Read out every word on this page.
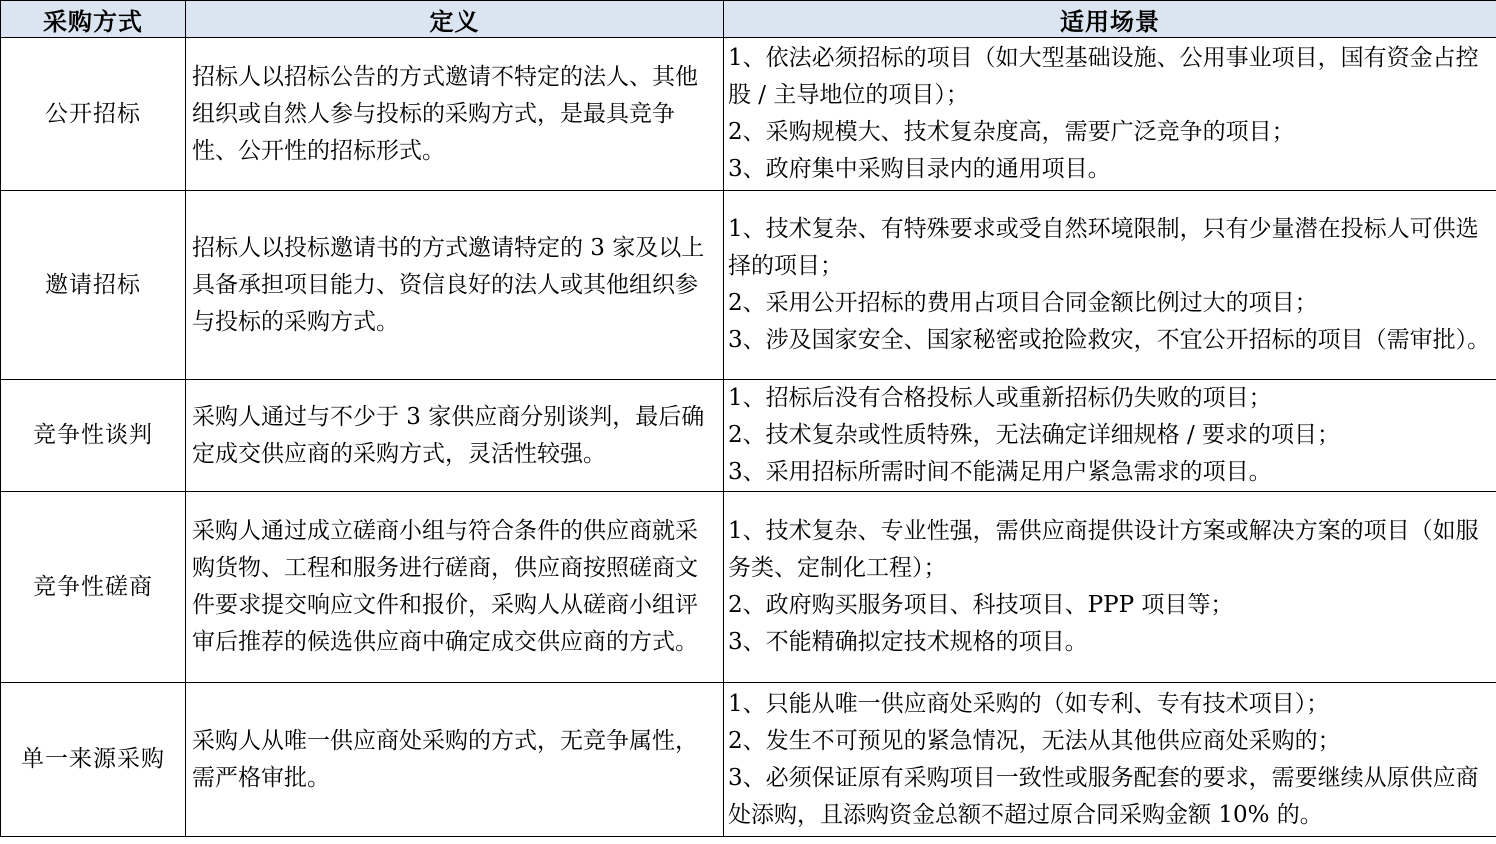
采购方式	定义	适用场景
公开招标	招标人以招标公告的方式邀请不特定的法人、其他组织或自然人参与投标的采购方式，是最具竞争性、公开性的招标形式。	1、依法必须招标的项目（如大型基础设施、公用事业项目，国有资金占控股 / 主导地位的项目）；
2、采购规模大、技术复杂度高，需要广泛竞争的项目；
3、政府集中采购目录内的通用项目。

邀请招标	招标人以投标邀请书的方式邀请特定的 3 家及以上具备承担项目能力、资信良好的法人或其他组织参与投标的采购方式。	1、技术复杂、有特殊要求或受自然环境限制，只有少量潜在投标人可供选择的项目；
2、采用公开招标的费用占项目合同金额比例过大的项目；
3、涉及国家安全、国家秘密或抢险救灾，不宜公开招标的项目（需审批）。

竞争性谈判	采购人通过与不少于 3 家供应商分别谈判，最后确定成交供应商的采购方式，灵活性较强。	1、招标后没有合格投标人或重新招标仍失败的项目；
2、技术复杂或性质特殊，无法确定详细规格 / 要求的项目；
3、采用招标所需时间不能满足用户紧急需求的项目。

竞争性磋商	采购人通过成立磋商小组与符合条件的供应商就采购货物、工程和服务进行磋商，供应商按照磋商文件要求提交响应文件和报价，采购人从磋商小组评审后推荐的候选供应商中确定成交供应商的方式。	1、技术复杂、专业性强，需供应商提供设计方案或解决方案的项目（如服务类、定制化工程）；
2、政府购买服务项目、科技项目、PPP 项目等；
3、不能精确拟定技术规格的项目。

单一来源采购	采购人从唯一供应商处采购的方式，无竞争属性，需严格审批。	1、只能从唯一供应商处采购的（如专利、专有技术项目）；
2、发生不可预见的紧急情况，无法从其他供应商处采购的；
3、必须保证原有采购项目一致性或服务配套的要求，需要继续从原供应商处添购，且添购资金总额不超过原合同采购金额 10% 的。
